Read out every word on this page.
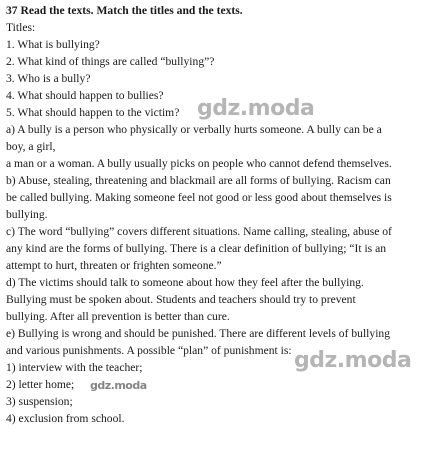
37 Read the texts. Match the titles and the texts.
Titles:
1. What is bullying?
2. What kind of things are called “bullying”?
3. Who is a bully?
4. What should happen to bullies?
5. What should happen to the victim?
a) A bully is a person who physically or verbally hurts someone. A bully can be a
boy, a girl,
a man or a woman. A bully usually picks on people who cannot defend themselves.
b) Abuse, stealing, threatening and blackmail are all forms of bullying. Racism can
be called bullying. Making someone feel not good or less good about themselves is
bullying.
c) The word “bullying” covers different situations. Name calling, stealing, abuse of
any kind are the forms of bullying. There is a clear definition of bullying; “It is an
attempt to hurt, threaten or frighten someone.”
d) The victims should talk to someone about how they feel after the bullying.
Bullying must be spoken about. Students and teachers should try to prevent
bullying. After all prevention is better than cure.
e) Bullying is wrong and should be punished. There are different levels of bullying
and various punishments. A possible “plan” of punishment is:
1) interview with the teacher;
2) letter home;
3) suspension;
4) exclusion from school.
gdz.moda
gdz.moda
gdz.moda
